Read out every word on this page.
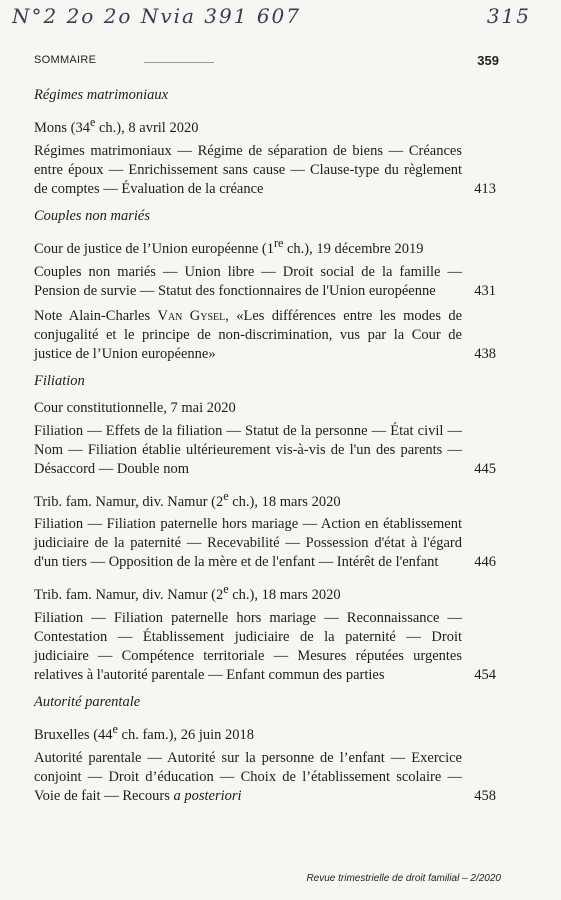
N°2 2o 2o Nvia 391 607	315
SOMMAIRE	359
Régimes matrimoniaux
Mons (34e ch.), 8 avril 2020
Régimes matrimoniaux — Régime de séparation de biens — Créances entre époux — Enrichissement sans cause — Clause-type du règlement de comptes — Évaluation de la créance	413
Couples non mariés
Cour de justice de l’Union européenne (1re ch.), 19 décembre 2019
Couples non mariés — Union libre — Droit social de la famille — Pension de survie — Statut des fonctionnaires de l'Union européenne	431
Note Alain-Charles Van Gysel, «Les différences entre les modes de conjugalité et le principe de non-discrimination, vus par la Cour de justice de l’Union européenne»	438
Filiation
Cour constitutionnelle, 7 mai 2020
Filiation — Effets de la filiation — Statut de la personne — État civil — Nom — Filiation établie ultérieurement vis-à-vis de l'un des parents — Désaccord — Double nom	445
Trib. fam. Namur, div. Namur (2e ch.), 18 mars 2020
Filiation — Filiation paternelle hors mariage — Action en établissement judiciaire de la paternité — Recevabilité — Possession d'état à l'égard d'un tiers — Opposition de la mère et de l'enfant — Intérêt de l'enfant 446
Trib. fam. Namur, div. Namur (2e ch.), 18 mars 2020
Filiation — Filiation paternelle hors mariage — Reconnaissance — Contestation — Établissement judiciaire de la paternité — Droit judiciaire — Compétence territoriale — Mesures réputées urgentes relatives à l'autorité parentale — Enfant commun des parties	454
Autorité parentale
Bruxelles (44e ch. fam.), 26 juin 2018
Autorité parentale — Autorité sur la personne de l’enfant — Exercice conjoint — Droit d’éducation — Choix de l’établissement scolaire — Voie de fait — Recours a posteriori	458
Revue trimestrielle de droit familial – 2/2020
